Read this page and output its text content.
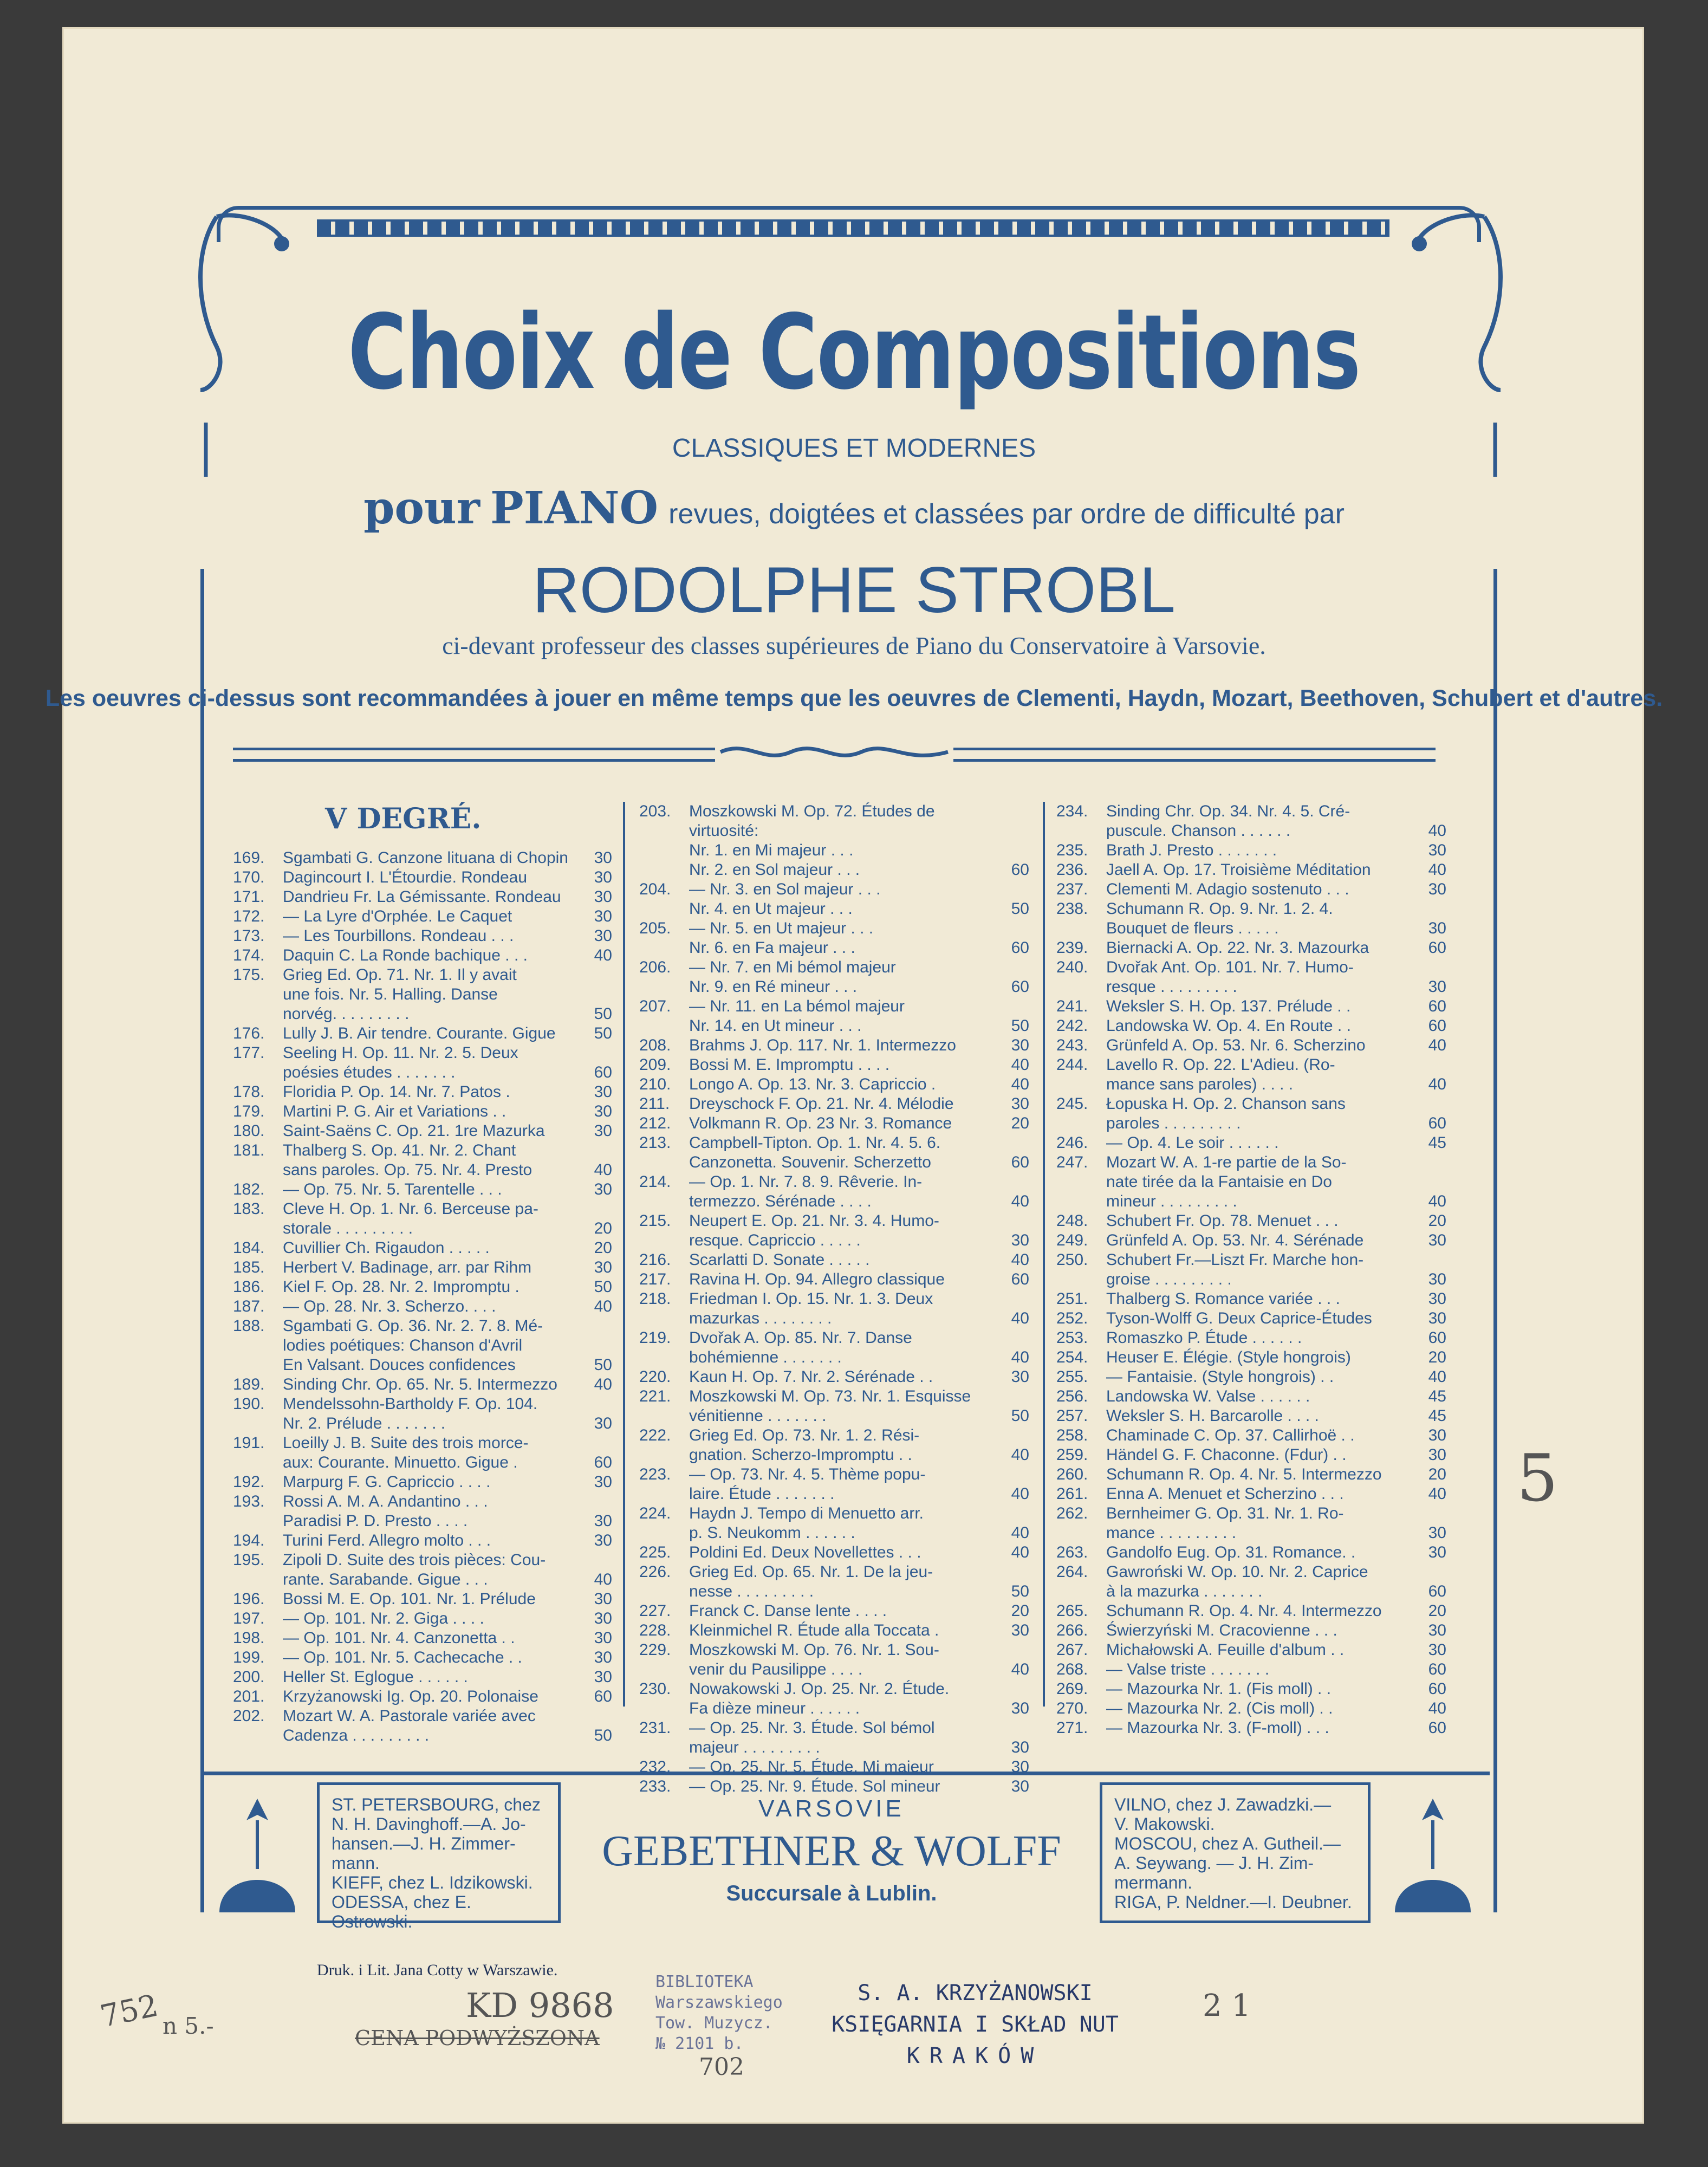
Choix de Compositions
CLASSIQUES ET MODERNES
pour PIANO revues, doigtées et classées par ordre de difficulté par
RODOLPHE STROBL
ci-devant professeur des classes supérieures de Piano du Conservatoire à Varsovie.
Les oeuvres ci-dessus sont recommandées à jouer en même temps que les oeuvres de Clementi, Haydn, Mozart, Beethoven, Schubert et d'autres.
V DEGRÉ.
169.	Sgambati G. Canzone lituana di Chopin	30
170.	Dagincourt I. L'Étourdie. Rondeau	30
171.	Dandrieu Fr. La Gémissante. Rondeau	30
172.	— La Lyre d'Orphée. Le Caquet	30
173.	— Les Tourbillons. Rondeau . . .	30
174.	Daquin C. La Ronde bachique . . .	40
175.	Grieg Ed. Op. 71. Nr. 1. Il y avait
une fois. Nr. 5. Halling. Danse
norvég. . . . . . . . .	50
176.	Lully J. B. Air tendre. Courante. Gigue	50
177.	Seeling H. Op. 11. Nr. 2. 5. Deux
poésies études . . . . . . .	60
178.	Floridia P. Op. 14. Nr. 7. Patos .	30
179.	Martini P. G. Air et Variations . .	30
180.	Saint-Saëns C. Op. 21. 1re Mazurka	30
181.	Thalberg S. Op. 41. Nr. 2. Chant
sans paroles. Op. 75. Nr. 4. Presto	40
182.	— Op. 75. Nr. 5. Tarentelle . . .	30
183.	Cleve H. Op. 1. Nr. 6. Berceuse pa-
storale . . . . . . . . .	20
184.	Cuvillier Ch. Rigaudon . . . . .	20
185.	Herbert V. Badinage, arr. par Rihm	30
186.	Kiel F. Op. 28. Nr. 2. Impromptu .	50
187.	— Op. 28. Nr. 3. Scherzo. . . .	40
188.	Sgambati G. Op. 36. Nr. 2. 7. 8. Mé-
lodies poétiques: Chanson d'Avril
En Valsant. Douces confidences	50
189.	Sinding Chr. Op. 65. Nr. 5. Intermezzo	40
190.	Mendelssohn-Bartholdy F. Op. 104.
Nr. 2. Prélude . . . . . . .	30
191.	Loeilly J. B. Suite des trois morce-
aux: Courante. Minuetto. Gigue .	60
192.	Marpurg F. G. Capriccio . . . .	30
193.	Rossi A. M. A. Andantino . . .
Paradisi P. D. Presto . . . .	30
194.	Turini Ferd. Allegro molto . . .	30
195.	Zipoli D. Suite des trois pièces: Cou-
rante. Sarabande. Gigue . . .	40
196.	Bossi M. E. Op. 101. Nr. 1. Prélude	30
197.	— Op. 101. Nr. 2. Giga . . . .	30
198.	— Op. 101. Nr. 4. Canzonetta . .	30
199.	— Op. 101. Nr. 5. Cachecache . .	30
200.	Heller St. Eglogue . . . . . .	30
201.	Krzyżanowski Ig. Op. 20. Polonaise	60
202.	Mozart W. A. Pastorale variée avec
Cadenza . . . . . . . . .	50
203.	Moszkowski M. Op. 72. Études de
virtuosité:
Nr. 1. en Mi majeur . . .
Nr. 2. en Sol majeur . . .	60
204.	— Nr. 3. en Sol majeur . . .
Nr. 4. en Ut majeur . . .	50
205.	— Nr. 5. en Ut majeur . . .
Nr. 6. en Fa majeur . . .	60
206.	— Nr. 7. en Mi bémol majeur
Nr. 9. en Ré mineur . . .	60
207.	— Nr. 11. en La bémol majeur
Nr. 14. en Ut mineur . . .	50
208.	Brahms J. Op. 117. Nr. 1. Intermezzo	30
209.	Bossi M. E. Impromptu . . . .	40
210.	Longo A. Op. 13. Nr. 3. Capriccio .	40
211.	Dreyschock F. Op. 21. Nr. 4. Mélodie	30
212.	Volkmann R. Op. 23 Nr. 3. Romance	20
213.	Campbell-Tipton. Op. 1. Nr. 4. 5. 6.
Canzonetta. Souvenir. Scherzetto	60
214.	— Op. 1. Nr. 7. 8. 9. Rêverie. In-
termezzo. Sérénade . . . .	40
215.	Neupert E. Op. 21. Nr. 3. 4. Humo-
resque. Capriccio . . . . .	30
216.	Scarlatti D. Sonate . . . . .	40
217.	Ravina H. Op. 94. Allegro classique	60
218.	Friedman I. Op. 15. Nr. 1. 3. Deux
mazurkas . . . . . . . .	40
219.	Dvořak A. Op. 85. Nr. 7. Danse
bohémienne . . . . . . .	40
220.	Kaun H. Op. 7. Nr. 2. Sérénade . .	30
221.	Moszkowski M. Op. 73. Nr. 1. Esquisse
vénitienne . . . . . . .	50
222.	Grieg Ed. Op. 73. Nr. 1. 2. Rési-
gnation. Scherzo-Impromptu . .	40
223.	— Op. 73. Nr. 4. 5. Thème popu-
laire. Étude . . . . . . .	40
224.	Haydn J. Tempo di Menuetto arr.
p. S. Neukomm . . . . . .	40
225.	Poldini Ed. Deux Novellettes . . .	40
226.	Grieg Ed. Op. 65. Nr. 1. De la jeu-
nesse . . . . . . . . .	50
227.	Franck C. Danse lente . . . .	20
228.	Kleinmichel R. Étude alla Toccata .	30
229.	Moszkowski M. Op. 76. Nr. 1. Sou-
venir du Pausilippe . . . .	40
230.	Nowakowski J. Op. 25. Nr. 2. Étude.
Fa dièze mineur . . . . . .	30
231.	— Op. 25. Nr. 3. Étude. Sol bémol
majeur . . . . . . . . .	30
232.	— Op. 25. Nr. 5. Étude. Mi majeur	30
233.	— Op. 25. Nr. 9. Étude. Sol mineur	30
234.	Sinding Chr. Op. 34. Nr. 4. 5. Cré-
puscule. Chanson . . . . . .	40
235.	Brath J. Presto . . . . . . .	30
236.	Jaell A. Op. 17. Troisième Méditation	40
237.	Clementi M. Adagio sostenuto . . .	30
238.	Schumann R. Op. 9. Nr. 1. 2. 4.
Bouquet de fleurs . . . . .	30
239.	Biernacki A. Op. 22. Nr. 3. Mazourka	60
240.	Dvořak Ant. Op. 101. Nr. 7. Humo-
resque . . . . . . . . .	30
241.	Weksler S. H. Op. 137. Prélude . .	60
242.	Landowska W. Op. 4. En Route . .	60
243.	Grünfeld A. Op. 53. Nr. 6. Scherzino	40
244.	Lavello R. Op. 22. L'Adieu. (Ro-
mance sans paroles) . . . .	40
245.	Łopuska H. Op. 2. Chanson sans
paroles . . . . . . . . .	60
246.	— Op. 4. Le soir . . . . . .	45
247.	Mozart W. A. 1-re partie de la So-
nate tirée da la Fantaisie en Do
mineur . . . . . . . . .	40
248.	Schubert Fr. Op. 78. Menuet . . .	20
249.	Grünfeld A. Op. 53. Nr. 4. Sérénade	30
250.	Schubert Fr.—Liszt Fr. Marche hon-
groise . . . . . . . . .	30
251.	Thalberg S. Romance variée . . .	30
252.	Tyson-Wolff G. Deux Caprice-Études	30
253.	Romaszko P. Étude . . . . . .	60
254.	Heuser E. Élégie. (Style hongrois)	20
255.	— Fantaisie. (Style hongrois) . .	40
256.	Landowska W. Valse . . . . . .	45
257.	Weksler S. H. Barcarolle . . . .	45
258.	Chaminade C. Op. 37. Callirhoë . .	30
259.	Händel G. F. Chaconne. (Fdur) . .	30
260.	Schumann R. Op. 4. Nr. 5. Intermezzo	20
261.	Enna A. Menuet et Scherzino . . .	40
262.	Bernheimer G. Op. 31. Nr. 1. Ro-
mance . . . . . . . . .	30
263.	Gandolfo Eug. Op. 31. Romance. .	30
264.	Gawroński W. Op. 10. Nr. 2. Caprice
à la mazurka . . . . . . .	60
265.	Schumann R. Op. 4. Nr. 4. Intermezzo	20
266.	Świerzyński M. Cracovienne . . .	30
267.	Michałowski A. Feuille d'album . .	30
268.	— Valse triste . . . . . . .	60
269.	— Mazourka Nr. 1. (Fis moll) . .	60
270.	— Mazourka Nr. 2. (Cis moll) . .	40
271.	— Mazourka Nr. 3. (F-moll) . . .	60
ST. PETERSBOURG, chez
N. H. Davinghoff.—A. Jo-
hansen.—J. H. Zimmer-
mann.
KIEFF, chez L. Idzikowski.
ODESSA, chez E. Ostrowski.
VARSOVIE
GEBETHNER & WOLFF
Succursale à Lublin.
VILNO, chez J. Zawadzki.—
V. Makowski.
MOSCOU, chez A. Gutheil.—
A. Seywang. — J. H. Zim-
mermann.
RIGA, P. Neldner.—I. Deubner.
Druk. i Lit. Jana Cotty w Warszawie.
BIBLIOTEKA
Warszawskiego
Tow. Muzycz.
№ 2101 b.
S. A. KRZYŻANOWSKI
KSIĘGARNIA I SKŁAD NUT
KRAKÓW
KD 9868
CENA PODWYŻSZONA
752 n 5.-
702
2 1
5
